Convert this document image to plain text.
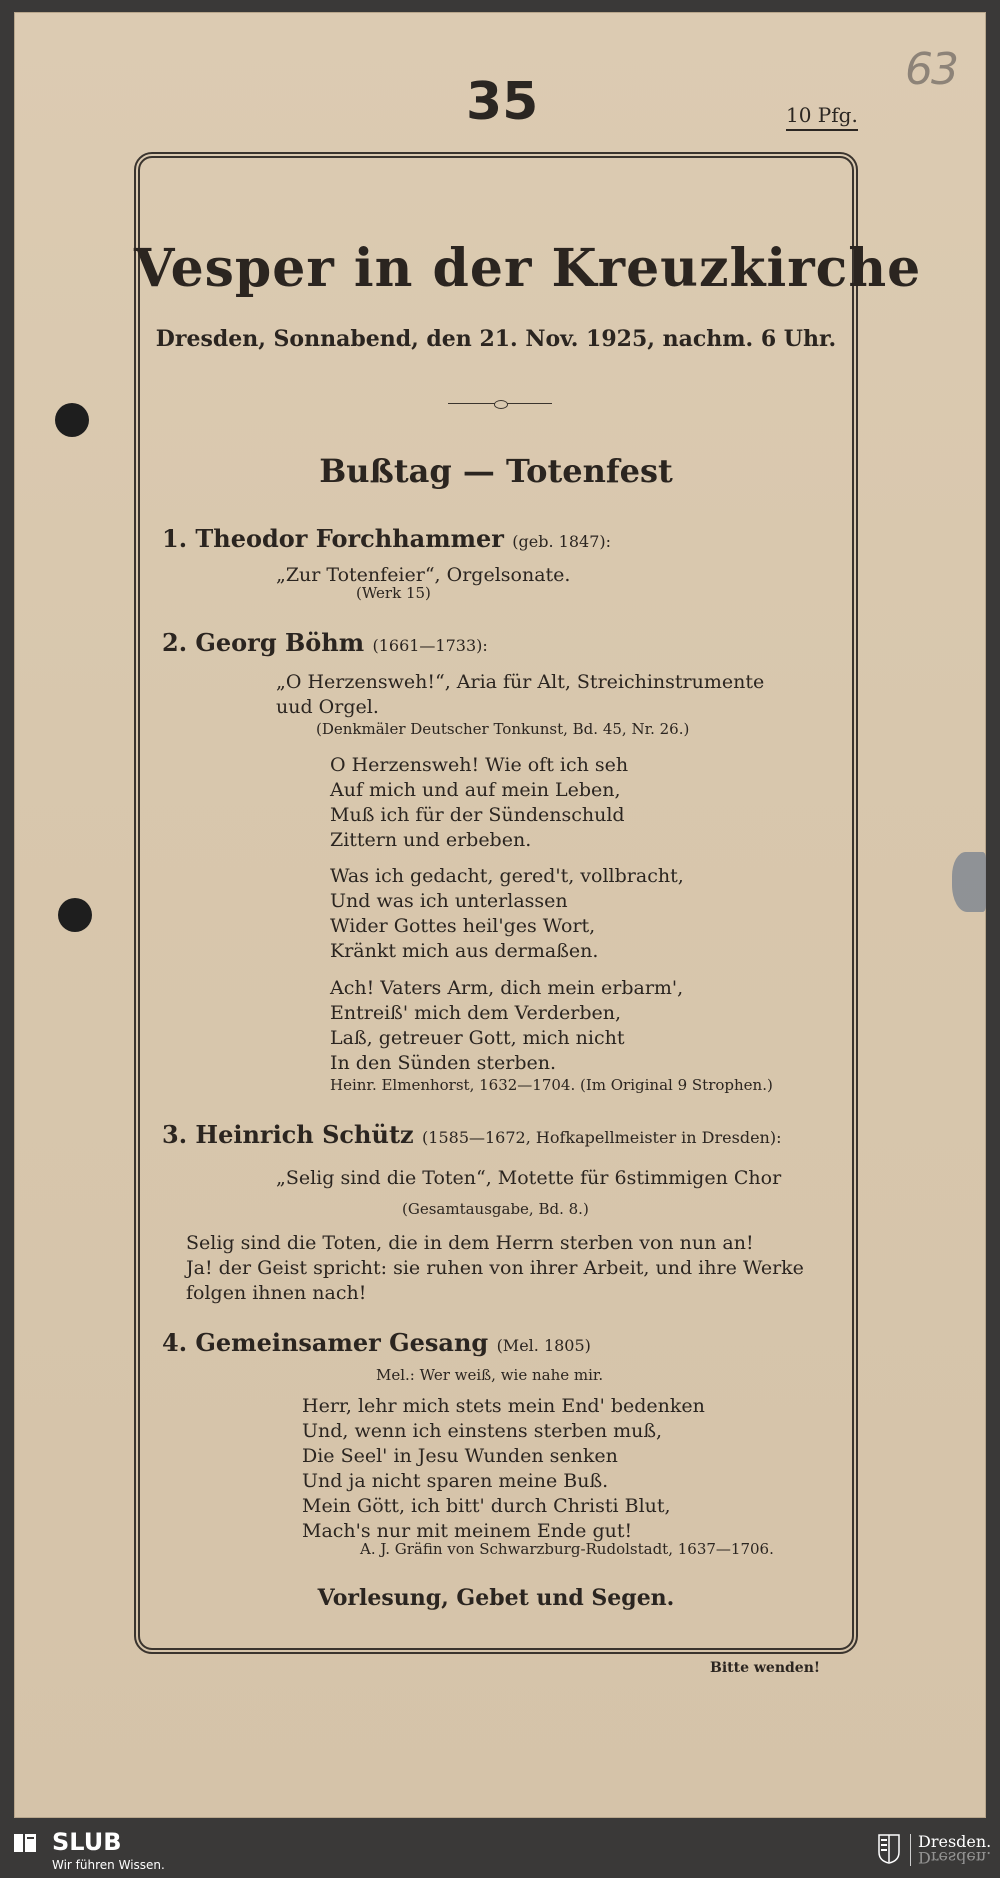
35	10 Pfg.
63
Vesper in der Kreuzkirche
Dresden, Sonnabend, den 21. Nov. 1925, nachm. 6 Uhr.
Bußtag — Totenfest
1. Theodor Forchhammer (geb. 1847):
„Zur Totenfeier“, Orgelsonate.
(Werk 15)
2. Georg Böhm (1661—1733):
„O Herzensweh!“, Aria für Alt, Streichinstrumente
uud Orgel.
(Denkmäler Deutscher Tonkunst, Bd. 45, Nr. 26.)
O Herzensweh! Wie oft ich seh
Auf mich und auf mein Leben,
Muß ich für der Sündenschuld
Zittern und erbeben.
Was ich gedacht, gered't, vollbracht,
Und was ich unterlassen
Wider Gottes heil'ges Wort,
Kränkt mich aus dermaßen.
Ach! Vaters Arm, dich mein erbarm',
Entreiß' mich dem Verderben,
Laß, getreuer Gott, mich nicht
In den Sünden sterben.
Heinr. Elmenhorst, 1632—1704. (Im Original 9 Strophen.)
3. Heinrich Schütz (1585—1672, Hofkapellmeister in Dresden):
„Selig sind die Toten“, Motette für 6stimmigen Chor
(Gesamtausgabe, Bd. 8.)
Selig sind die Toten, die in dem Herrn sterben von nun an!
Ja! der Geist spricht: sie ruhen von ihrer Arbeit, und ihre Werke
folgen ihnen nach!
4. Gemeinsamer Gesang (Mel. 1805)
Mel.: Wer weiß, wie nahe mir.
Herr, lehr mich stets mein End' bedenken
Und, wenn ich einstens sterben muß,
Die Seel' in Jesu Wunden senken
Und ja nicht sparen meine Buß.
Mein Gött, ich bitt' durch Christi Blut,
Mach's nur mit meinem Ende gut!
A. J. Gräfin von Schwarzburg-Rudolstadt, 1637—1706.
Vorlesung, Gebet und Segen.
Bitte wenden!
SLUB
Wir führen Wissen.
Dresden.
Dresden.
